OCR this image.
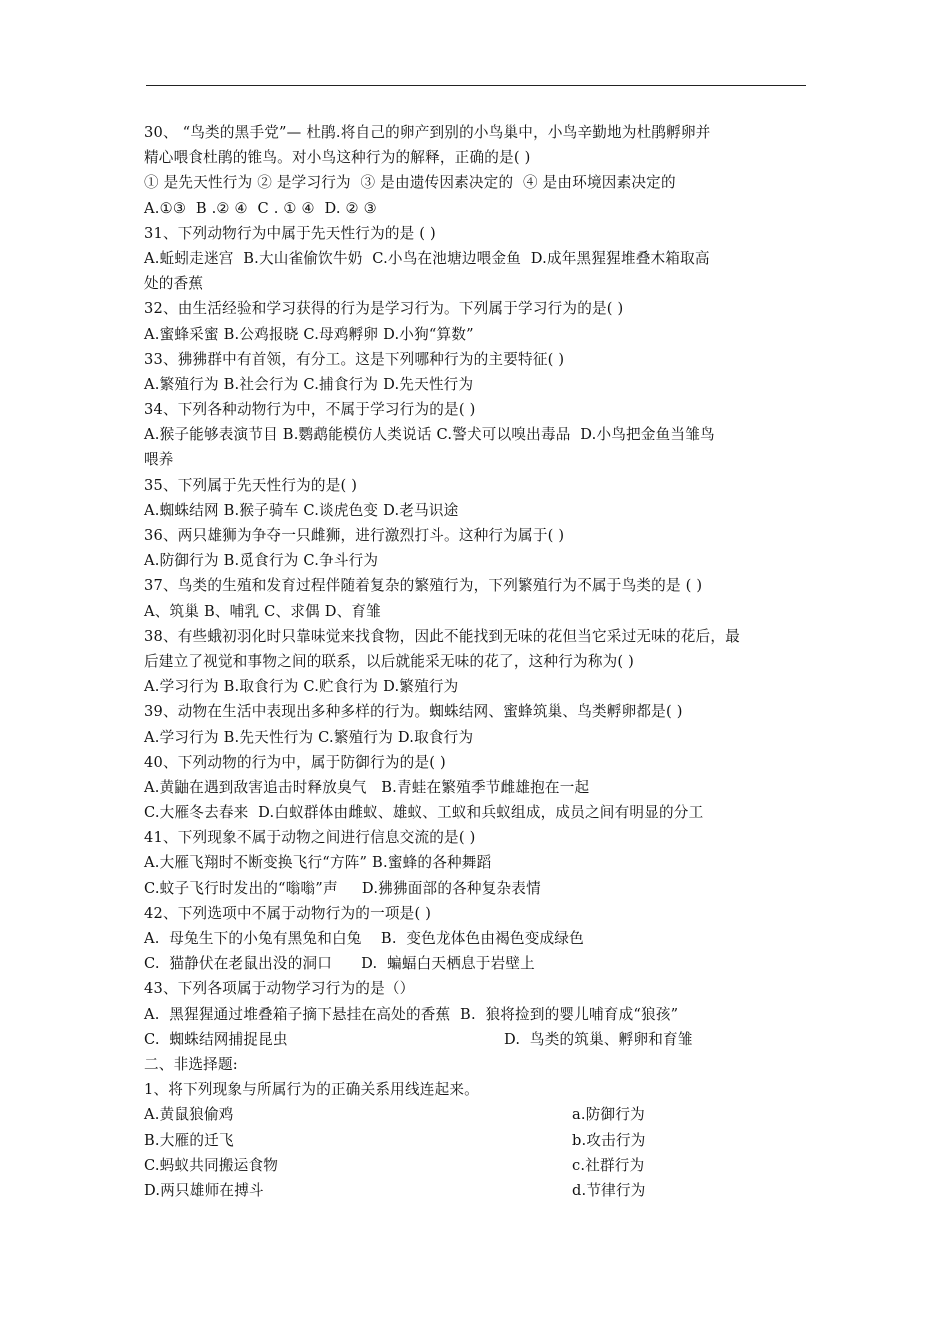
30、 “鸟类的黑手党”— 杜鹃.将自己的卵产到别的小鸟巢中，小鸟辛勤地为杜鹃孵卵并
精心喂食杜鹃的锥鸟。对小鸟这种行为的解释，正确的是( )
① 是先天性行为 ② 是学习行为  ③ 是由遗传因素决定的  ④ 是由环境因素决定的
A.①③  B .② ④  C . ① ④  D. ② ③
31、下列动物行为中属于先天性行为的是 ( )
A.蚯蚓走迷宫  B.大山雀偷饮牛奶  C.小鸟在池塘边喂金鱼  D.成年黑猩猩堆叠木箱取高
处的香蕉
32、由生活经验和学习获得的行为是学习行为。下列属于学习行为的是( )
A.蜜蜂采蜜 B.公鸡报晓 C.母鸡孵卵 D.小狗“算数”
33、狒狒群中有首领，有分工。这是下列哪种行为的主要特征( )
A.繁殖行为 B.社会行为 C.捕食行为 D.先天性行为
34、下列各种动物行为中，不属于学习行为的是( )
A.猴子能够表演节目 B.鹦鹉能模仿人类说话 C.警犬可以嗅出毒品  D.小鸟把金鱼当雏鸟
喂养
35、下列属于先天性行为的是( )
A.蜘蛛结网 B.猴子骑车 C.谈虎色变 D.老马识途
36、两只雄狮为争夺一只雌狮，进行激烈打斗。这种行为属于( )
A.防御行为 B.觅食行为 C.争斗行为
37、鸟类的生殖和发育过程伴随着复杂的繁殖行为，下列繁殖行为不属于鸟类的是 ( )
A、筑巢 B、哺乳 C、求偶 D、育雏
38、有些蛾初羽化时只靠味觉来找食物，因此不能找到无味的花但当它采过无味的花后，最
后建立了视觉和事物之间的联系，以后就能采无味的花了，这种行为称为( )
A.学习行为 B.取食行为 C.贮食行为 D.繁殖行为
39、动物在生活中表现出多种多样的行为。蜘蛛结网、蜜蜂筑巢、鸟类孵卵都是( )
A.学习行为 B.先天性行为 C.繁殖行为 D.取食行为
40、下列动物的行为中，属于防御行为的是( )
A.黄鼬在遇到敌害追击时释放臭气   B.青蛙在繁殖季节雌雄抱在一起
C.大雁冬去春来  D.白蚁群体由雌蚁、雄蚁、工蚁和兵蚁组成，成员之间有明显的分工
41、下列现象不属于动物之间进行信息交流的是( )
A.大雁飞翔时不断变换飞行“方阵” B.蜜蜂的各种舞蹈
C.蚊子飞行时发出的“嗡嗡”声     D.狒狒面部的各种复杂表情
42、下列选项中不属于动物行为的一项是( )
A.  母兔生下的小兔有黑兔和白兔    B.  变色龙体色由褐色变成绿色
C.  猫静伏在老鼠出没的洞口      D.  蝙蝠白天栖息于岩壁上
43、下列各项属于动物学习行为的是（）
A.  黑猩猩通过堆叠箱子摘下悬挂在高处的香蕉  B.  狼将捡到的婴儿哺育成“狼孩”
C.  蜘蛛结网捕捉昆虫	D.  鸟类的筑巢、孵卵和育雏
二、非选择题:
1、将下列现象与所属行为的正确关系用线连起来。
A.黄鼠狼偷鸡	a.防御行为
B.大雁的迁飞	b.攻击行为
C.蚂蚁共同搬运食物	c.社群行为
D.两只雄师在搏斗	d.节律行为
